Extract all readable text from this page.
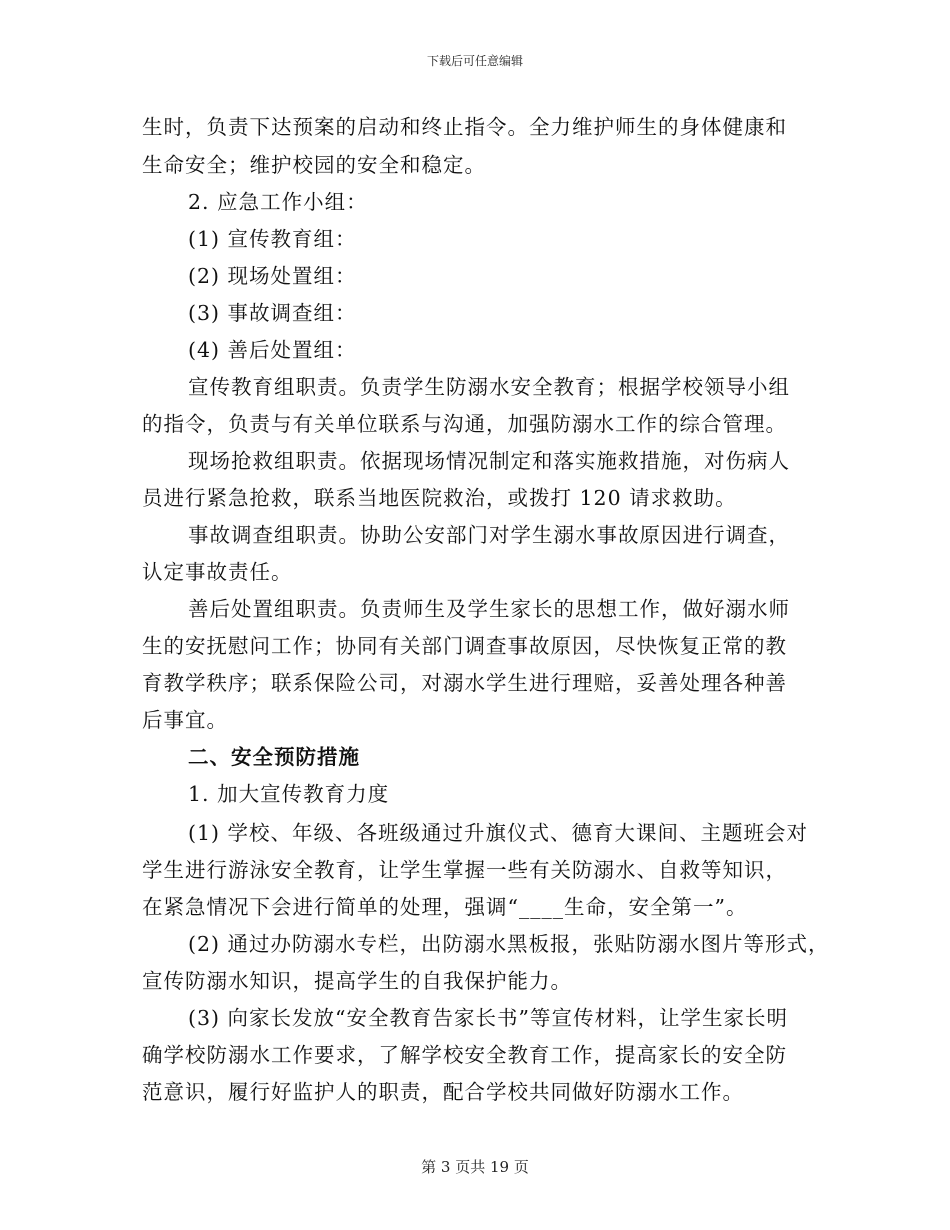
下载后可任意编辑
生时，负责下达预案的启动和终止指令。全力维护师生的身体健康和
生命安全；维护校园的安全和稳定。
2. 应急工作小组：
(1) 宣传教育组：
(2) 现场处置组：
(3) 事故调查组：
(4) 善后处置组：
宣传教育组职责。负责学生防溺水安全教育；根据学校领导小组
的指令，负责与有关单位联系与沟通，加强防溺水工作的综合管理。
现场抢救组职责。依据现场情况制定和落实施救措施，对伤病人
员进行紧急抢救，联系当地医院救治，或拨打 120 请求救助。
事故调查组职责。协助公安部门对学生溺水事故原因进行调查，
认定事故责任。
善后处置组职责。负责师生及学生家长的思想工作，做好溺水师
生的安抚慰问工作；协同有关部门调查事故原因，尽快恢复正常的教
育教学秩序；联系保险公司，对溺水学生进行理赔，妥善处理各种善
后事宜。
二、安全预防措施
1. 加大宣传教育力度
(1) 学校、年级、各班级通过升旗仪式、德育大课间、主题班会对
学生进行游泳安全教育，让学生掌握一些有关防溺水、自救等知识，
在紧急情况下会进行简单的处理，强调“____生命，安全第一”。
(2) 通过办防溺水专栏，出防溺水黑板报，张贴防溺水图片等形式，
宣传防溺水知识，提高学生的自我保护能力。
(3) 向家长发放“安全教育告家长书”等宣传材料，让学生家长明
确学校防溺水工作要求，了解学校安全教育工作，提高家长的安全防
范意识，履行好监护人的职责，配合学校共同做好防溺水工作。
第 3 页共 19 页
